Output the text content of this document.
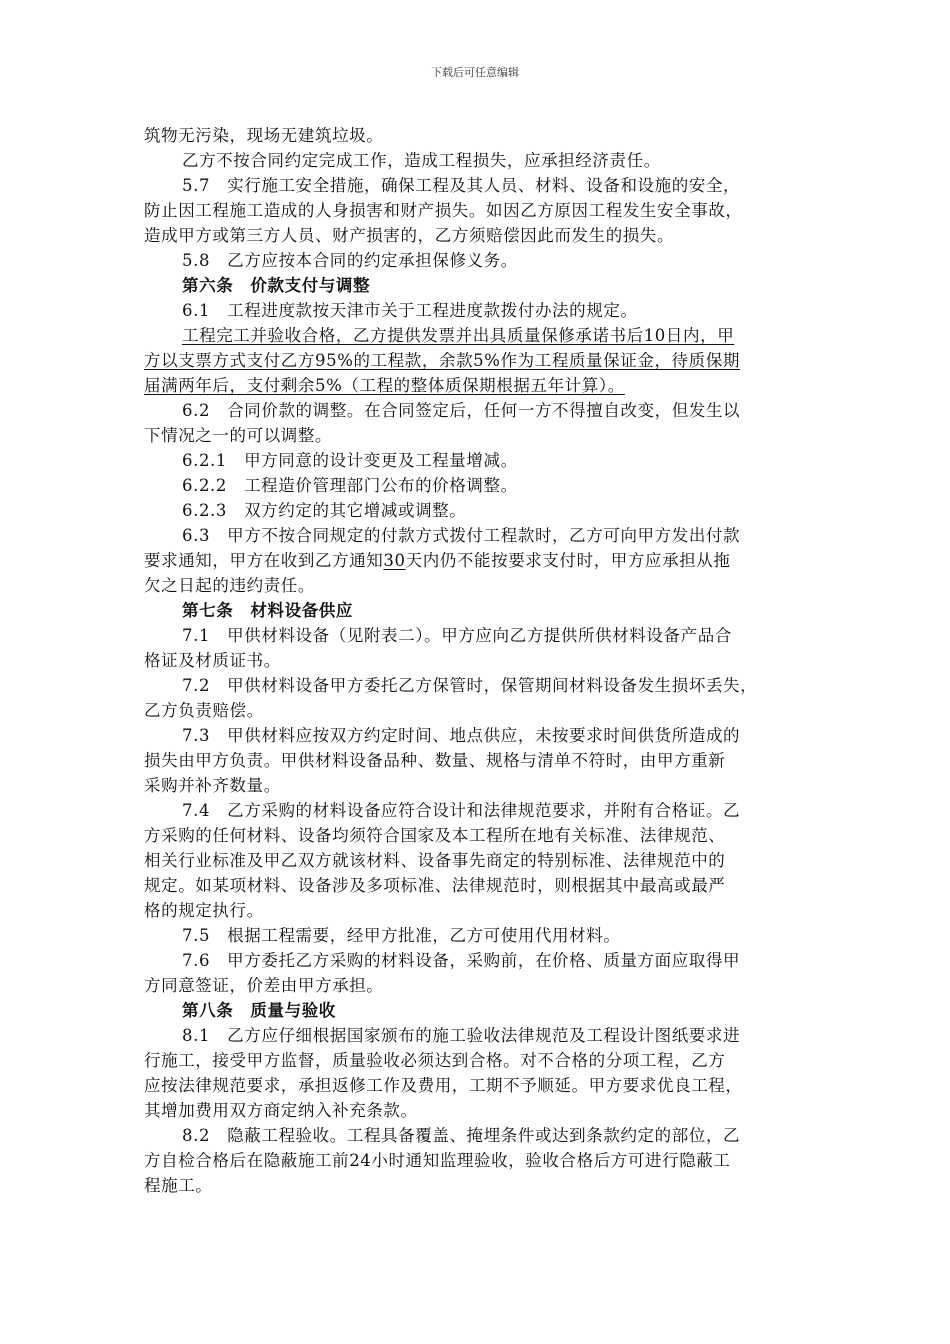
下载后可任意编辑
筑物无污染，现场无建筑垃圾。
乙方不按合同约定完成工作，造成工程损失，应承担经济责任。
5.7　实行施工安全措施，确保工程及其人员、材料、设备和设施的安全，
防止因工程施工造成的人身损害和财产损失。如因乙方原因工程发生安全事故，
造成甲方或第三方人员、财产损害的，乙方须赔偿因此而发生的损失。
5.8　乙方应按本合同的约定承担保修义务。
第六条　价款支付与调整
6.1　工程进度款按天津市关于工程进度款拨付办法的规定。
工程完工并验收合格，乙方提供发票并出具质量保修承诺书后10日内，甲
方以支票方式支付乙方95%的工程款，余款5%作为工程质量保证金，待质保期
届满两年后，支付剩余5%（工程的整体质保期根据五年计算）。
6.2　合同价款的调整。在合同签定后，任何一方不得擅自改变，但发生以
下情况之一的可以调整。
6.2.1　甲方同意的设计变更及工程量增减。
6.2.2　工程造价管理部门公布的价格调整。
6.2.3　双方约定的其它增减或调整。
6.3　甲方不按合同规定的付款方式拨付工程款时，乙方可向甲方发出付款
要求通知，甲方在收到乙方通知30天内仍不能按要求支付时，甲方应承担从拖
欠之日起的违约责任。
第七条　材料设备供应
7.1　甲供材料设备（见附表二）。甲方应向乙方提供所供材料设备产品合
格证及材质证书。
7.2　甲供材料设备甲方委托乙方保管时，保管期间材料设备发生损坏丢失，
乙方负责赔偿。
7.3　甲供材料应按双方约定时间、地点供应，未按要求时间供货所造成的
损失由甲方负责。甲供材料设备品种、数量、规格与清单不符时，由甲方重新
采购并补齐数量。
7.4　乙方采购的材料设备应符合设计和法律规范要求，并附有合格证。乙
方采购的任何材料、设备均须符合国家及本工程所在地有关标准、法律规范、
相关行业标准及甲乙双方就该材料、设备事先商定的特别标准、法律规范中的
规定。如某项材料、设备涉及多项标准、法律规范时，则根据其中最高或最严
格的规定执行。
7.5　根据工程需要，经甲方批准，乙方可使用代用材料。
7.6　甲方委托乙方采购的材料设备，采购前，在价格、质量方面应取得甲
方同意签证，价差由甲方承担。
第八条　质量与验收
8.1　乙方应仔细根据国家颁布的施工验收法律规范及工程设计图纸要求进
行施工，接受甲方监督，质量验收必须达到合格。对不合格的分项工程，乙方
应按法律规范要求，承担返修工作及费用，工期不予顺延。甲方要求优良工程，
其增加费用双方商定纳入补充条款。
8.2　隐蔽工程验收。工程具备覆盖、掩埋条件或达到条款约定的部位，乙
方自检合格后在隐蔽施工前24小时通知监理验收，验收合格后方可进行隐蔽工
程施工。
